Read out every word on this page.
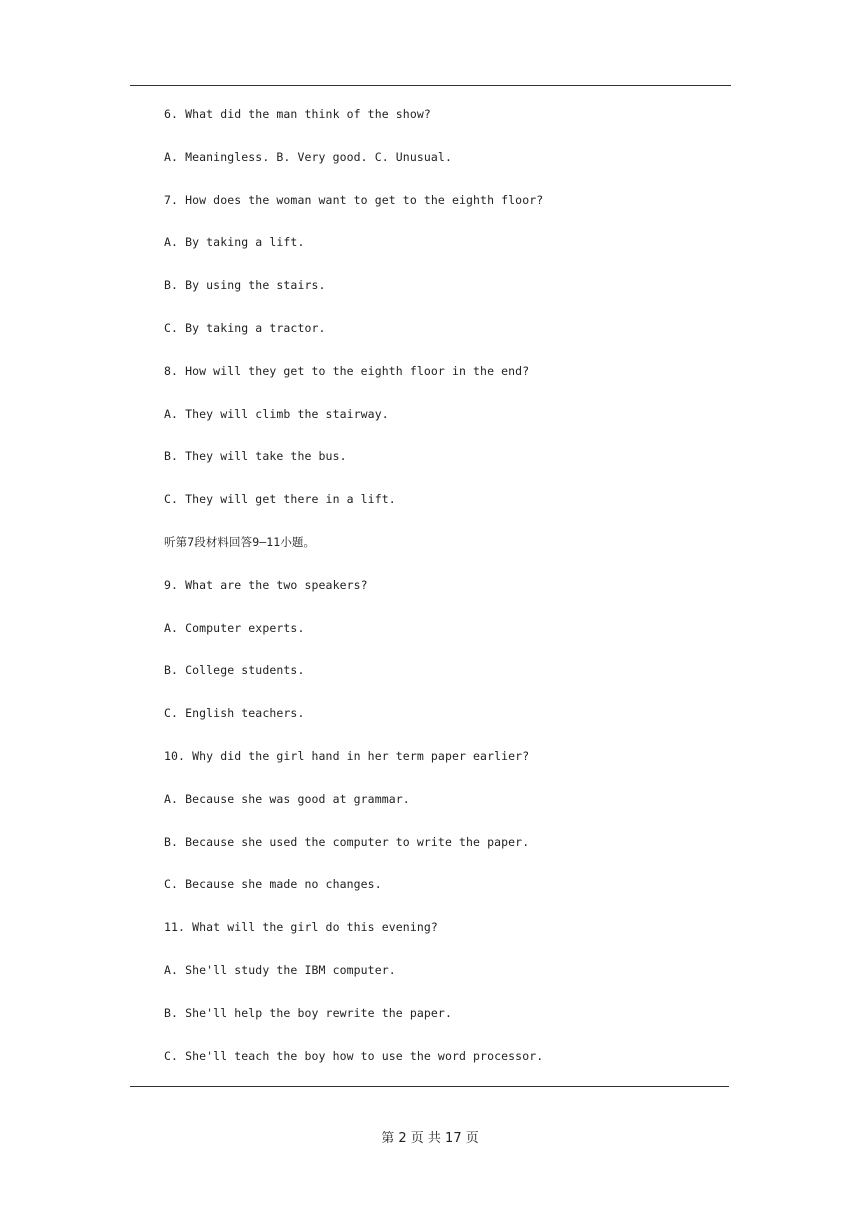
6. What did the man think of the show?
A. Meaningless. B. Very good. C. Unusual.
7. How does the woman want to get to the eighth floor?
A. By taking a lift.
B. By using the stairs.
C. By taking a tractor.
8. How will they get to the eighth floor in the end?
A. They will climb the stairway.
B. They will take the bus.
C. They will get there in a lift.
听第7段材料回答9—11小题。
9. What are the two speakers?
A. Computer experts.
B. College students.
C. English teachers.
10. Why did the girl hand in her term paper earlier?
A. Because she was good at grammar.
B. Because she used the computer to write the paper.
C. Because she made no changes.
11. What will the girl do this evening?
A. She'll study the IBM computer.
B. She'll help the boy rewrite the paper.
C. She'll teach the boy how to use the word processor.
第 2 页 共 17 页
